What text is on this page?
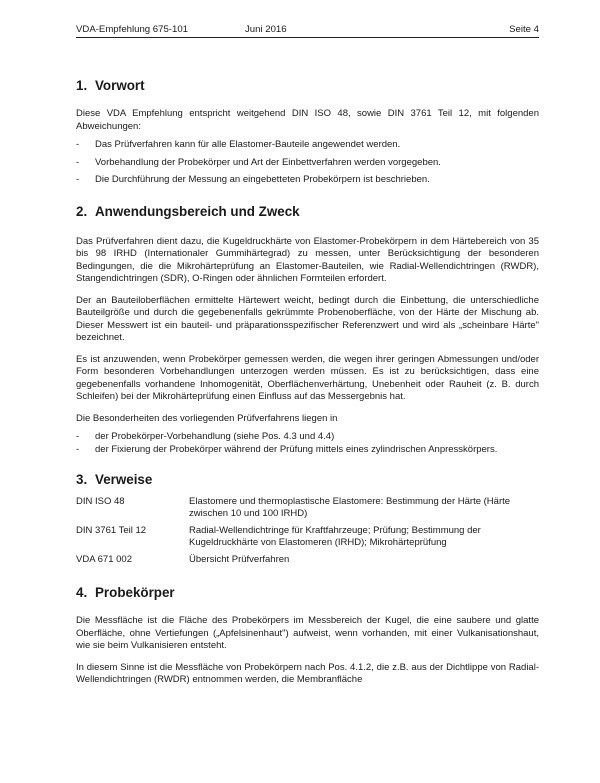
VDA-Empfehlung 675-101	Juni 2016	Seite 4
1. Vorwort

Diese VDA Empfehlung entspricht weitgehend DIN ISO 48, sowie DIN 3761 Teil 12, mit folgenden Abweichungen:

- Das Prüfverfahren kann für alle Elastomer-Bauteile angewendet werden.
- Vorbehandlung der Probekörper und Art der Einbettverfahren werden vorgegeben.
- Die Durchführung der Messung an eingebetteten Probekörpern ist beschrieben.
2. Anwendungsbereich und Zweck

Das Prüfverfahren dient dazu, die Kugeldruckhärte von Elastomer-Probekörpern in dem Härtebereich von 35 bis 98 IRHD (Internationaler Gummihärtegrad) zu messen, unter Berücksichtigung der besonderen Bedingungen, die die Mikrohärteprüfung an Elastomer-Bauteilen, wie Radial-Wellendichtringen (RWDR), Stangendichtringen (SDR), O-Ringen oder ähnlichen Formteilen erfordert.

Der an Bauteiloberflächen ermittelte Härtewert weicht, bedingt durch die Einbettung, die unterschiedliche Bauteilgröße und durch die gegebenenfalls gekrümmte Probenoberfläche, von der Härte der Mischung ab. Dieser Messwert ist ein bauteil- und präparationsspezifischer Referenzwert und wird als „scheinbare Härte" bezeichnet.

Es ist anzuwenden, wenn Probekörper gemessen werden, die wegen ihrer geringen Abmessungen und/oder Form besonderen Vorbehandlungen unterzogen werden müssen. Es ist zu berücksichtigen, dass eine gegebenenfalls vorhandene Inhomogenität, Oberflächenverhärtung, Unebenheit oder Rauheit (z. B. durch Schleifen) bei der Mikrohärteprüfung einen Einfluss auf das Messergebnis hat.

Die Besonderheiten des vorliegenden Prüfverfahrens liegen in

- der Probekörper-Vorbehandlung (siehe Pos. 4.3 und 4.4)
- der Fixierung der Probekörper während der Prüfung mittels eines zylindrischen Anpresskörpers.
3. Verweise
DIN ISO 48	Elastomere und thermoplastische Elastomere: Bestimmung der Härte (Härte zwischen 10 und 100 IRHD)
DIN 3761 Teil 12	Radial-Wellendichtringe für Kraftfahrzeuge; Prüfung; Bestimmung der Kugeldruckhärte von Elastomeren (IRHD); Mikrohärteprüfung
VDA 671 002	Übersicht Prüfverfahren
4. Probekörper

Die Messfläche ist die Fläche des Probekörpers im Messbereich der Kugel, die eine saubere und glatte Oberfläche, ohne Vertiefungen („Apfelsinenhaut") aufweist, wenn vorhanden, mit einer Vulkanisationshaut, wie sie beim Vulkanisieren entsteht.

In diesem Sinne ist die Messfläche von Probekörpern nach Pos. 4.1.2, die z.B. aus der Dichtlippe von Radial-Wellendichtringen (RWDR) entnommen werden, die Membranfläche
